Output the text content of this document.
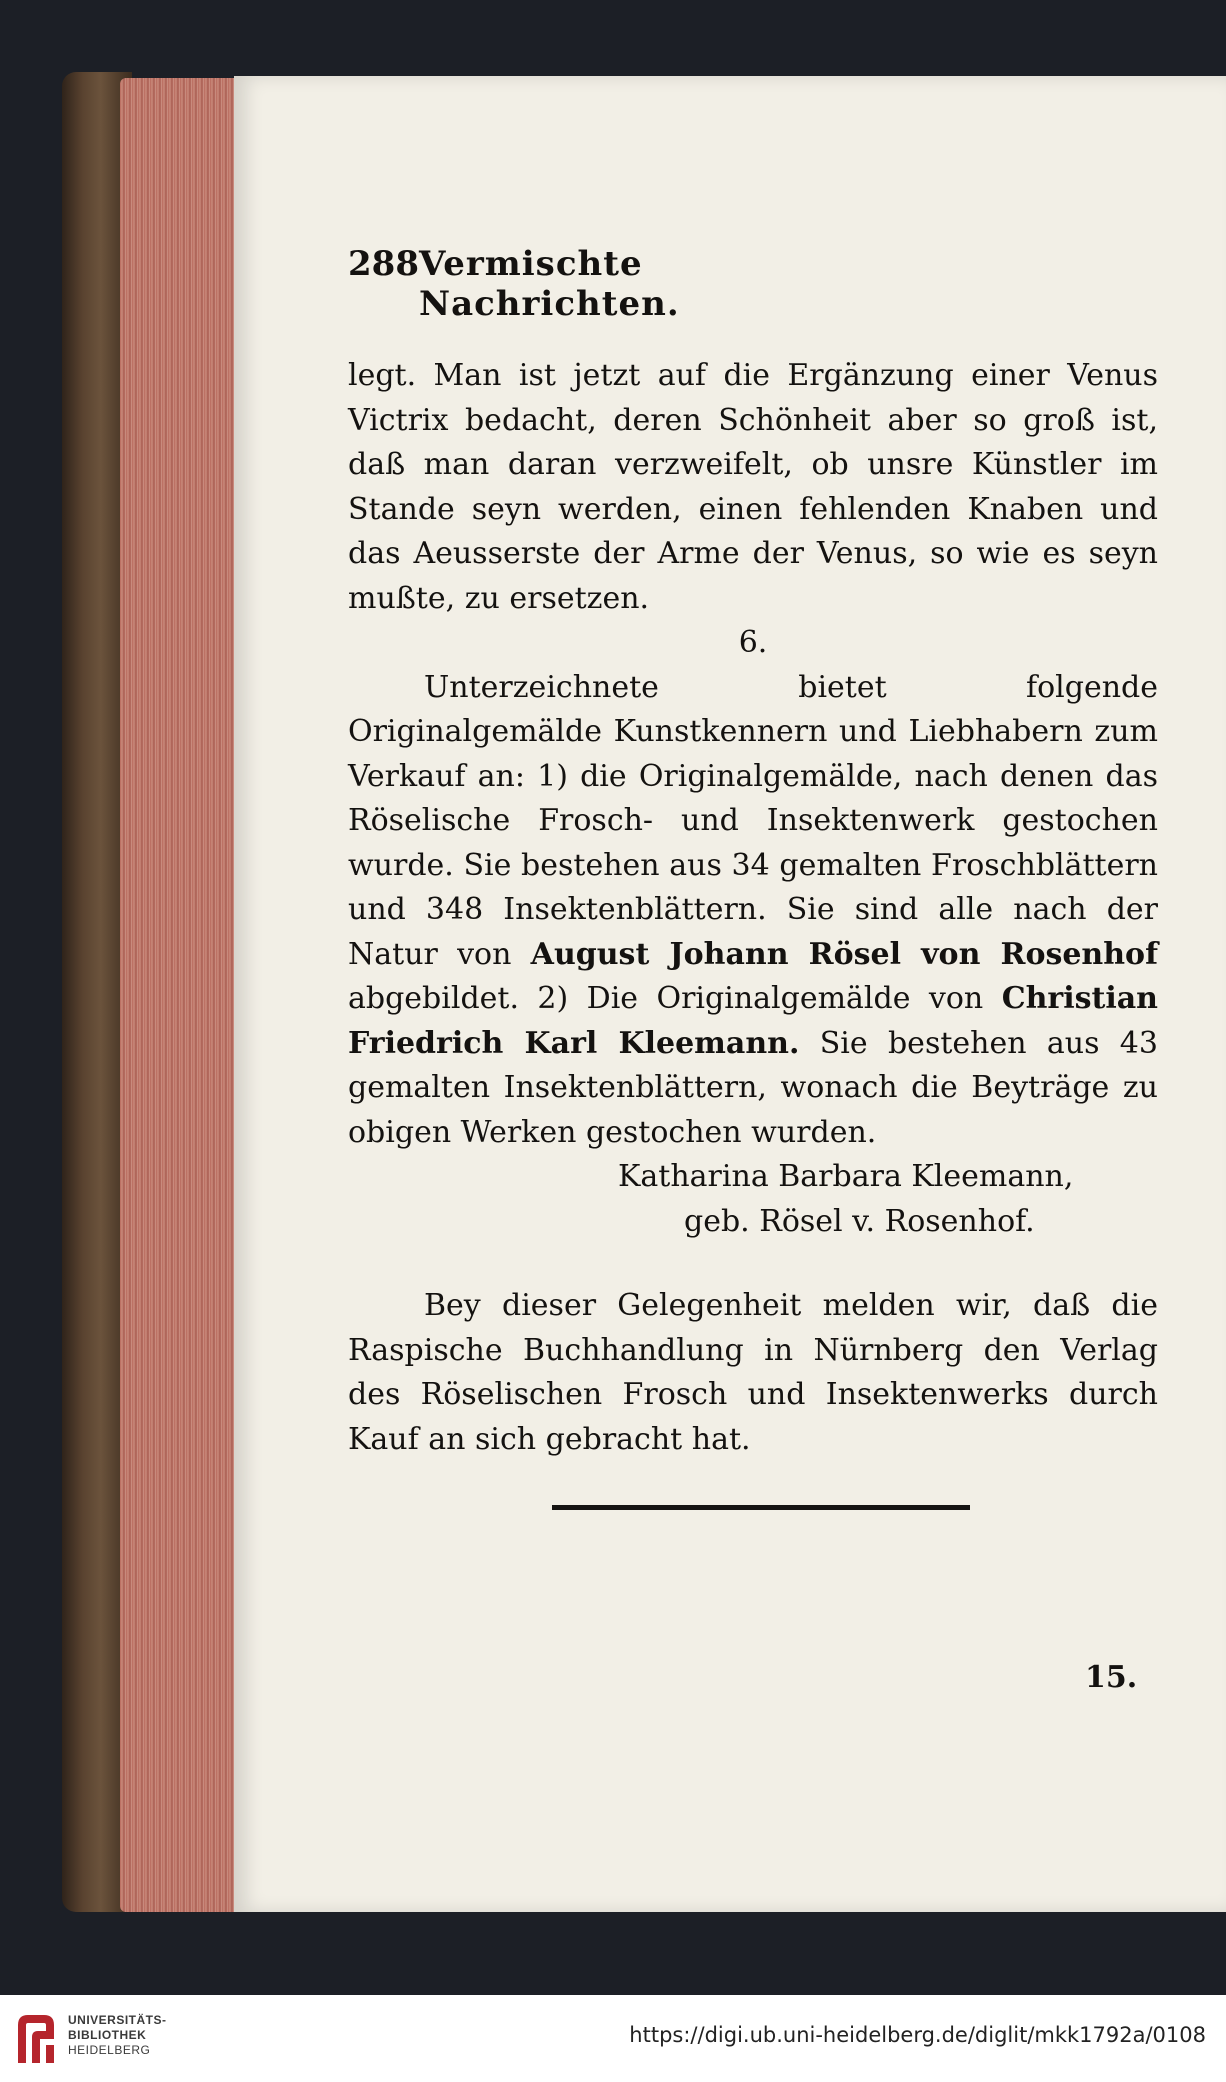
288 Vermischte Nachrichten.

legt. Man ist jetzt auf die Ergänzung einer Venus Victrix bedacht, deren Schönheit aber so groß ist, daß man daran verzweifelt, ob unsre Künstler im Stande seyn werden, einen fehlenden Knaben und das Aeusserste der Arme der Venus, so wie es seyn mußte, zu ersetzen.

6.

Unterzeichnete bietet folgende Originalgemälde Kunstkennern und Liebhabern zum Verkauf an: 1) die Originalgemälde, nach denen das Röselische Frosch- und Insektenwerk gestochen wurde. Sie bestehen aus 34 gemalten Froschblättern und 348 Insektenblättern. Sie sind alle nach der Natur von August Johann Rösel von Rosenhof abgebildet. 2) Die Originalgemälde von Christian Friedrich Karl Kleemann. Sie bestehen aus 43 gemalten Insektenblättern, wonach die Beyträge zu obigen Werken gestochen wurden.

Katharina Barbara Kleemann,

geb. Rösel v. Rosenhof.

Bey dieser Gelegenheit melden wir, daß die Raspische Buchhandlung in Nürnberg den Verlag des Röselischen Frosch und Insektenwerks durch Kauf an sich gebracht hat.

15.
UNIVERSITÄTS-
BIBLIOTHEK
HEIDELBERG
https://digi.ub.uni-heidelberg.de/diglit/mkk1792a/0108
